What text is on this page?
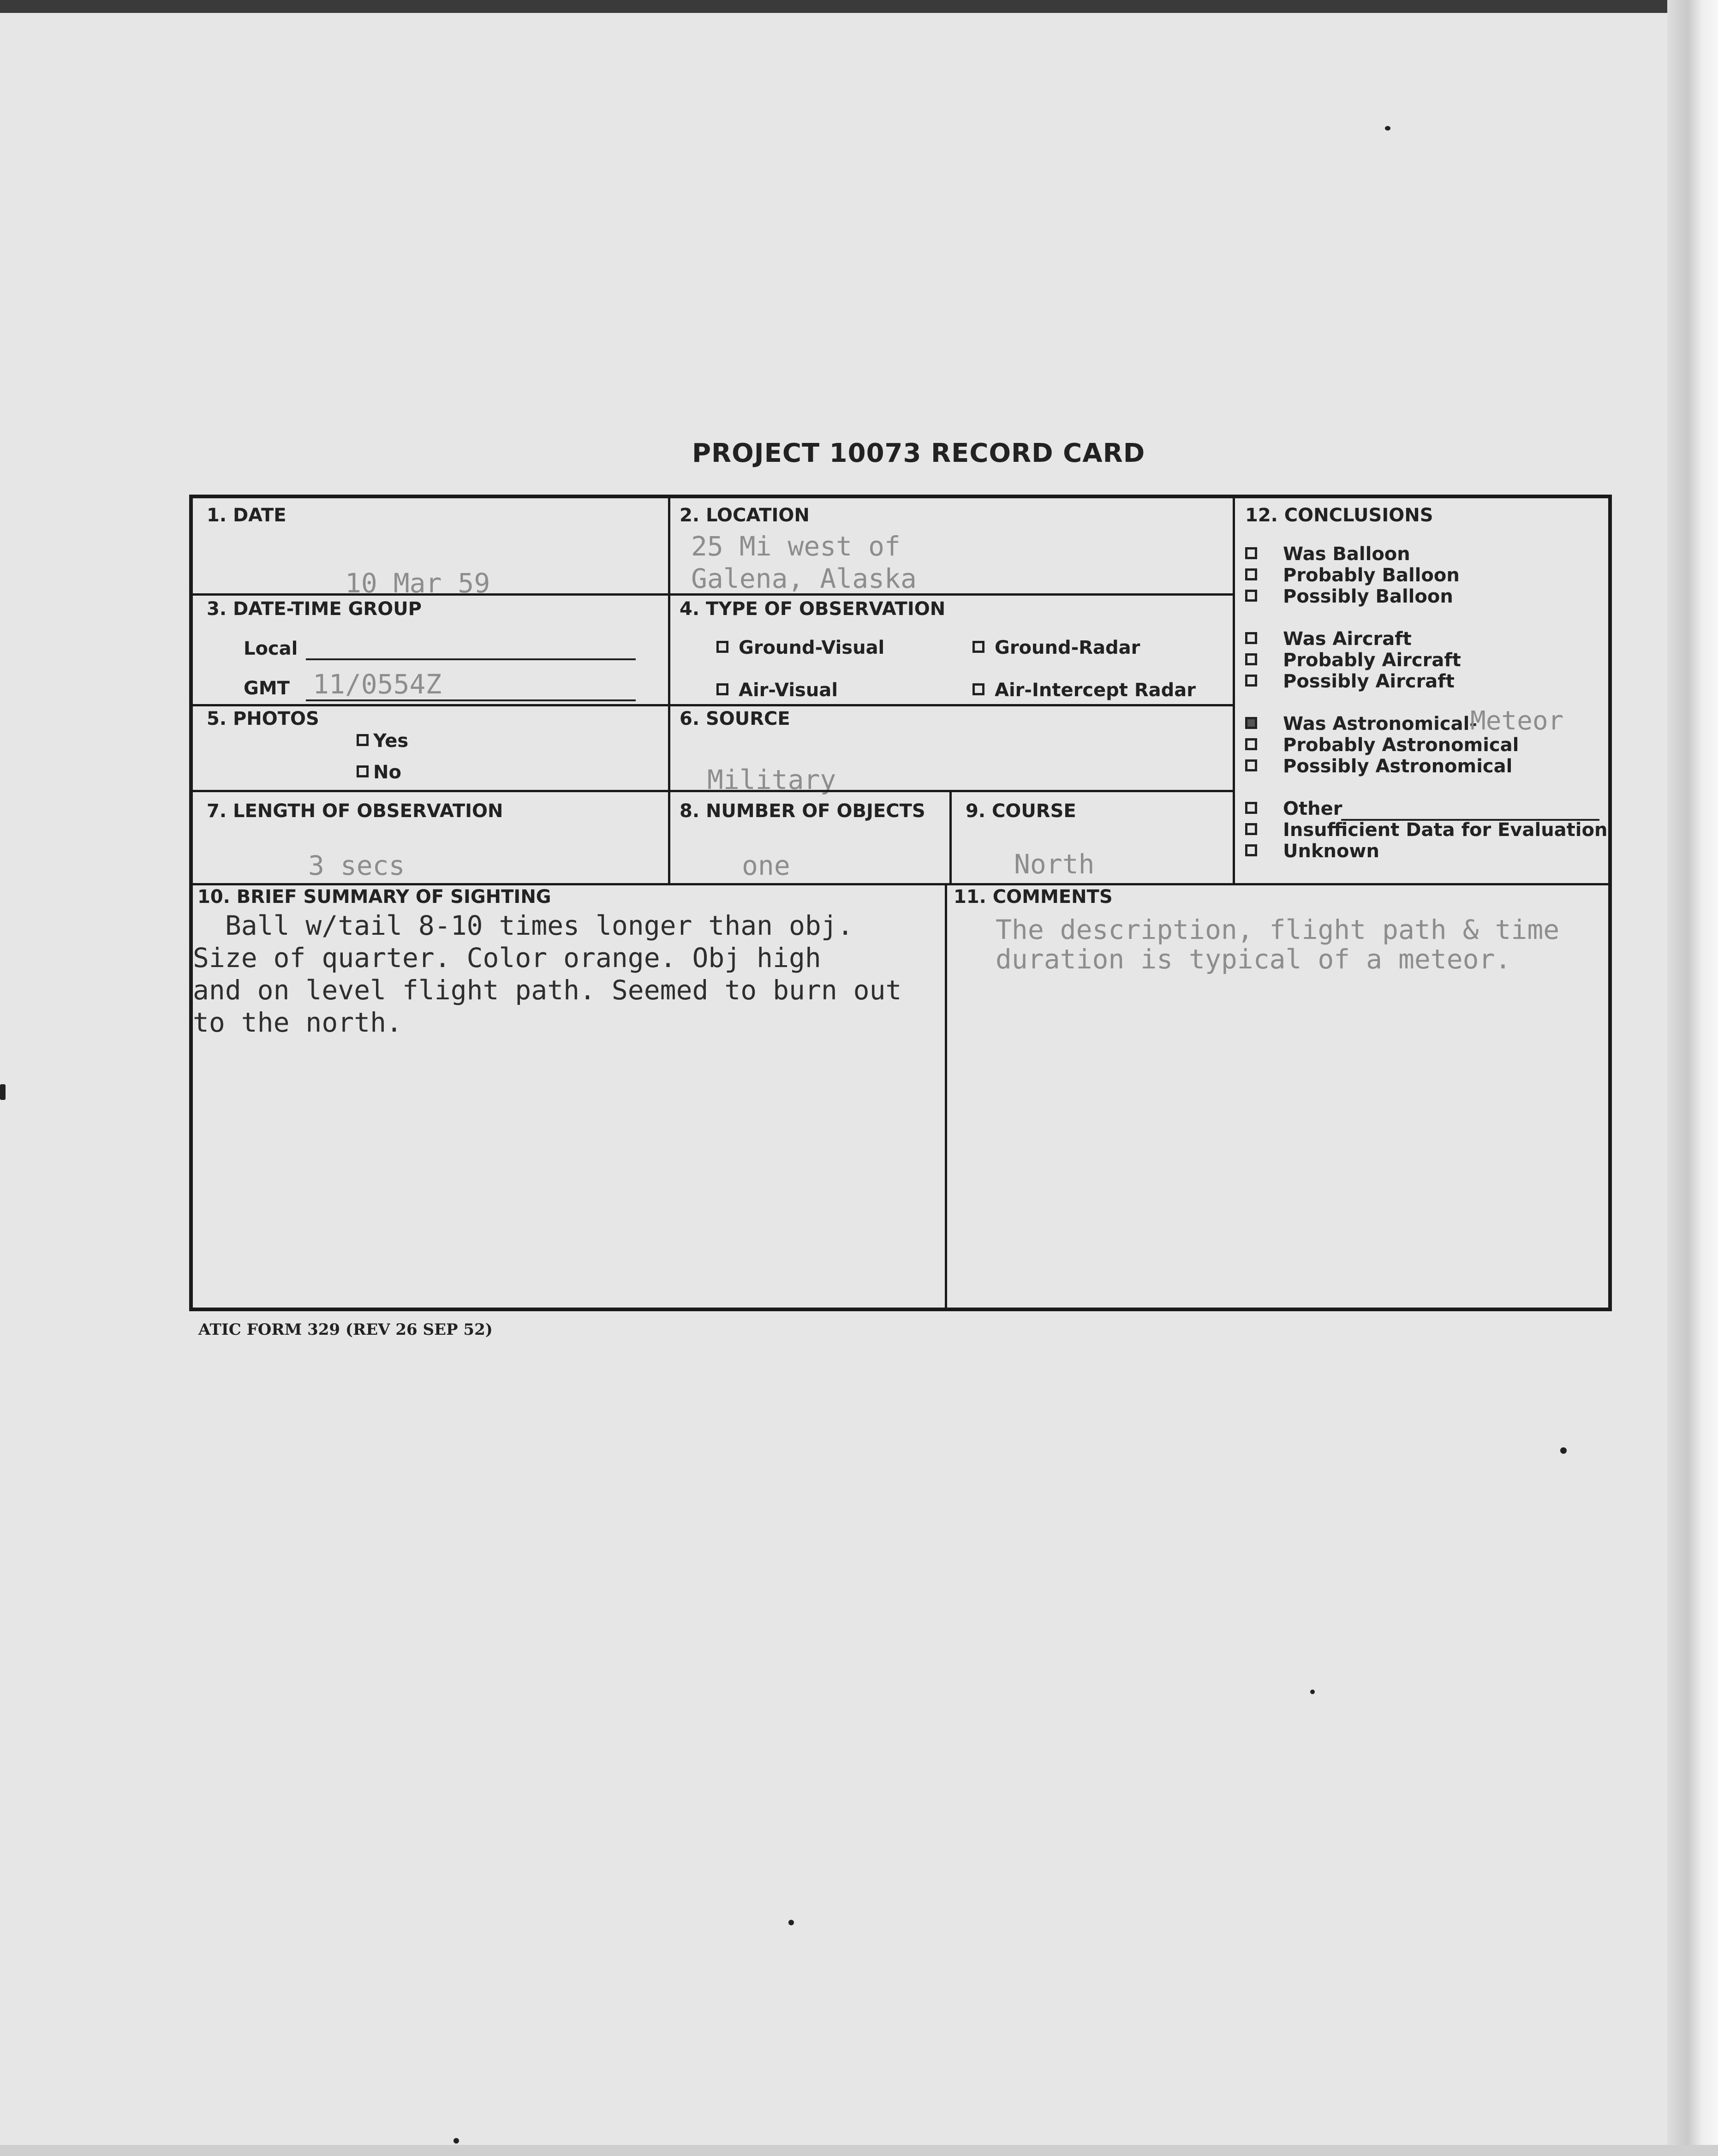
PROJECT 10073 RECORD CARD
1. DATE
10 Mar 59
2. LOCATION
25 Mi west of
Galena, Alaska
3. DATE-TIME GROUP
Local
GMT 11/0554Z
4. TYPE OF OBSERVATION
Ground-Visual	Ground-Radar
Air-Visual	Air-Intercept Radar
5. PHOTOS
Yes
No
6. SOURCE
Military
7. LENGTH OF OBSERVATION
3 secs
8. NUMBER OF OBJECTS
one
9. COURSE
North
12. CONCLUSIONS
Was Balloon
Probably Balloon
Possibly Balloon
Was Aircraft
Probably Aircraft
Possibly Aircraft
Was Astronomical-
Meteor
Probably Astronomical
Possibly Astronomical
Other
Insufficient Data for Evaluation
Unknown
10. BRIEF SUMMARY OF SIGHTING
Ball w/tail 8-10 times longer than obj.
Size of quarter. Color orange. Obj high
and on level flight path. Seemed to burn out
to the north.
11. COMMENTS
The description, flight path & time
duration is typical of a meteor.
ATIC FORM 329 (REV 26 SEP 52)
